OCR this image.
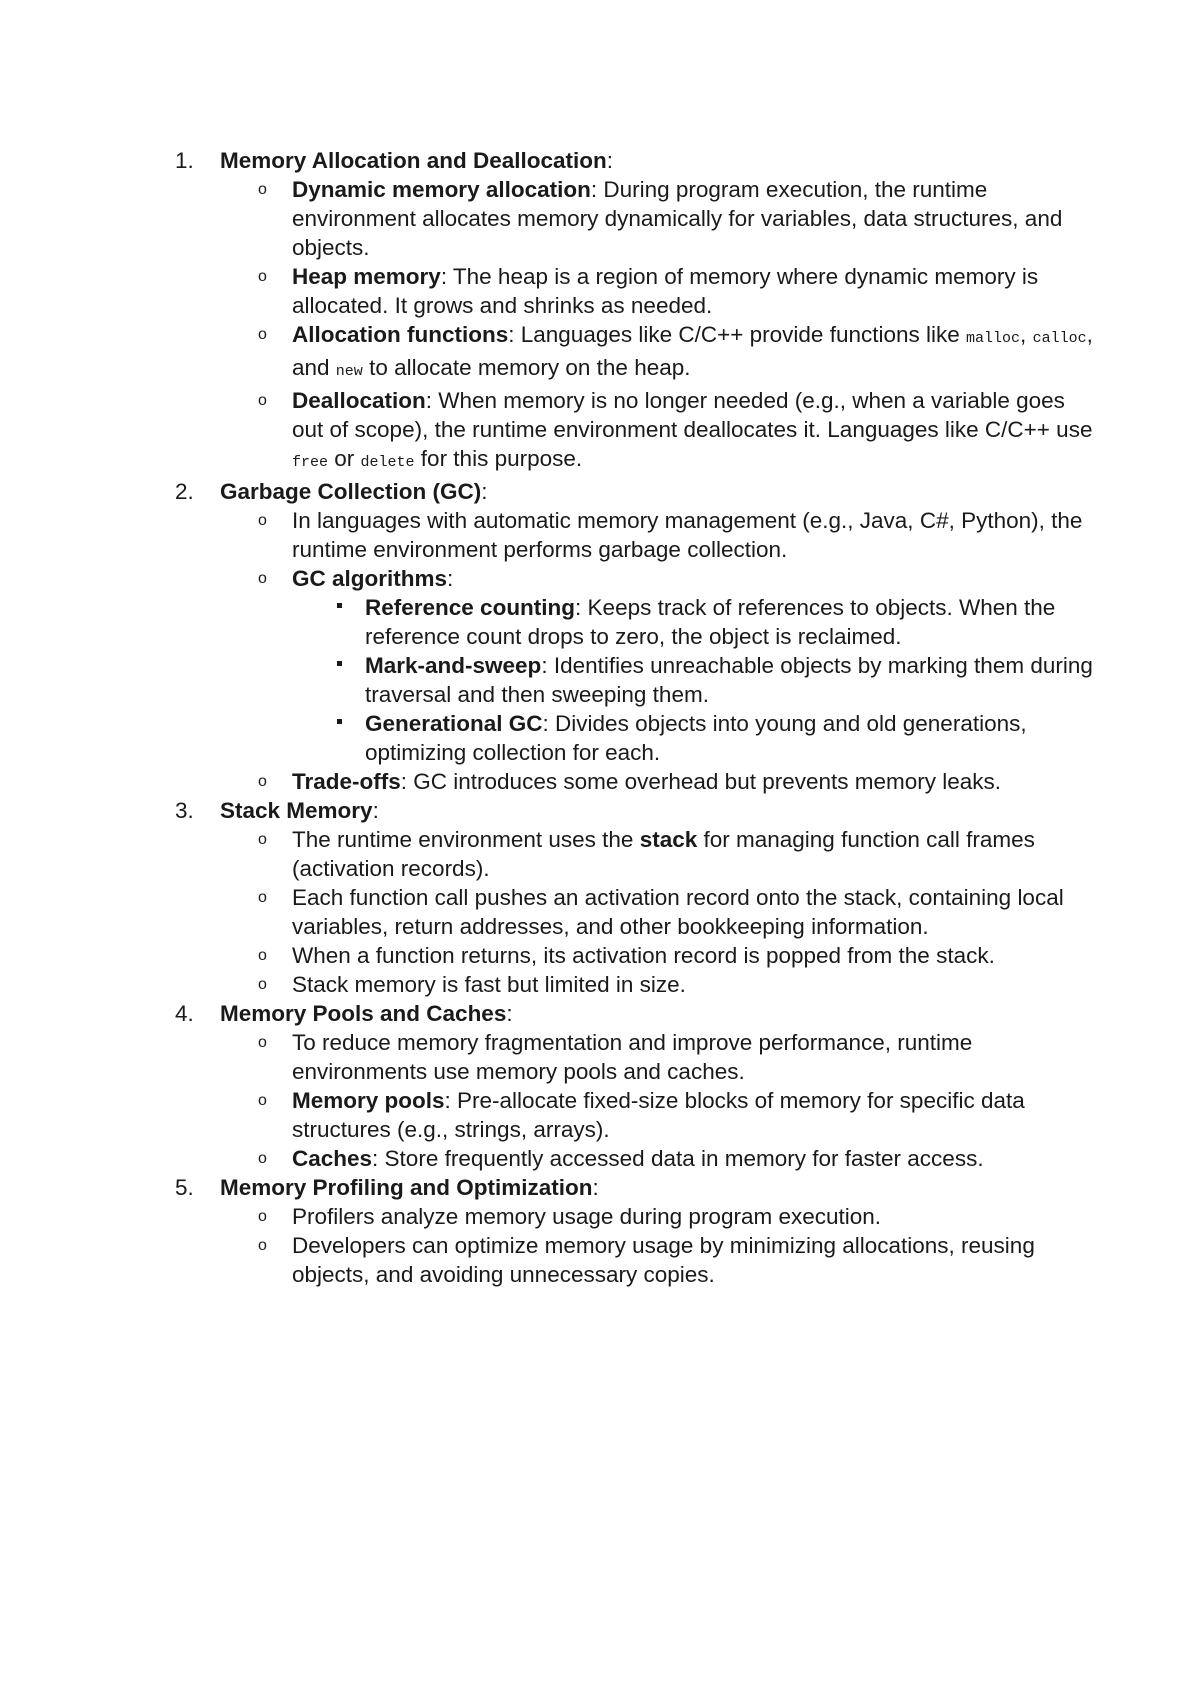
1. Memory Allocation and Deallocation:
o Dynamic memory allocation: During program execution, the runtime environment allocates memory dynamically for variables, data structures, and objects.
o Heap memory: The heap is a region of memory where dynamic memory is allocated. It grows and shrinks as needed.
o Allocation functions: Languages like C/C++ provide functions like malloc, calloc, and new to allocate memory on the heap.
o Deallocation: When memory is no longer needed (e.g., when a variable goes out of scope), the runtime environment deallocates it. Languages like C/C++ use free or delete for this purpose.
2. Garbage Collection (GC):
o In languages with automatic memory management (e.g., Java, C#, Python), the runtime environment performs garbage collection.
o GC algorithms:
Reference counting: Keeps track of references to objects. When the reference count drops to zero, the object is reclaimed.
Mark-and-sweep: Identifies unreachable objects by marking them during traversal and then sweeping them.
Generational GC: Divides objects into young and old generations, optimizing collection for each.
o Trade-offs: GC introduces some overhead but prevents memory leaks.
3. Stack Memory:
o The runtime environment uses the stack for managing function call frames (activation records).
o Each function call pushes an activation record onto the stack, containing local variables, return addresses, and other bookkeeping information.
o When a function returns, its activation record is popped from the stack.
o Stack memory is fast but limited in size.
4. Memory Pools and Caches:
o To reduce memory fragmentation and improve performance, runtime environments use memory pools and caches.
o Memory pools: Pre-allocate fixed-size blocks of memory for specific data structures (e.g., strings, arrays).
o Caches: Store frequently accessed data in memory for faster access.
5. Memory Profiling and Optimization:
o Profilers analyze memory usage during program execution.
o Developers can optimize memory usage by minimizing allocations, reusing objects, and avoiding unnecessary copies.
